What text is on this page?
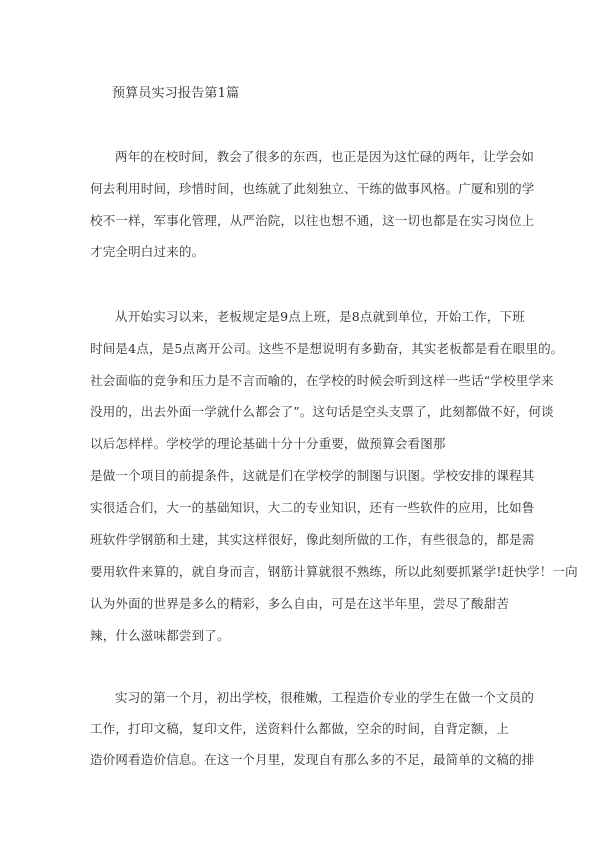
预算员实习报告第1篇
两年的在校时间，教会了很多的东西，也正是因为这忙碌的两年，让学会如
何去利用时间，珍惜时间，也练就了此刻独立、干练的做事风格。广厦和别的学
校不一样，军事化管理，从严治院，以往也想不通，这一切也都是在实习岗位上
才完全明白过来的。
从开始实习以来，老板规定是9点上班，是8点就到单位，开始工作，下班
时间是4点，是5点离开公司。这些不是想说明有多勤奋，其实老板都是看在眼里的。
社会面临的竞争和压力是不言而喻的，在学校的时候会听到这样一些话“学校里学来
没用的，出去外面一学就什么都会了”。这句话是空头支票了，此刻都做不好，何谈
以后怎样样。学校学的理论基础十分十分重要，做预算会看图那
是做一个项目的前提条件，这就是们在学校学的制图与识图。学校安排的课程其
实很适合们，大一的基础知识，大二的专业知识，还有一些软件的应用，比如鲁
班软件学钢筋和土建，其实这样很好，像此刻所做的工作，有些很急的，都是需
要用软件来算的，就自身而言，钢筋计算就很不熟练，所以此刻要抓紧学!赶快学！一向
认为外面的世界是多么的精彩，多么自由，可是在这半年里，尝尽了酸甜苦
辣，什么滋味都尝到了。
实习的第一个月，初出学校，很稚嫩，工程造价专业的学生在做一个文员的
工作，打印文稿，复印文件，送资料什么都做，空余的时间，自背定额，上
造价网看造价信息。在这一个月里，发现自有那么多的不足，最简单的文稿的排
